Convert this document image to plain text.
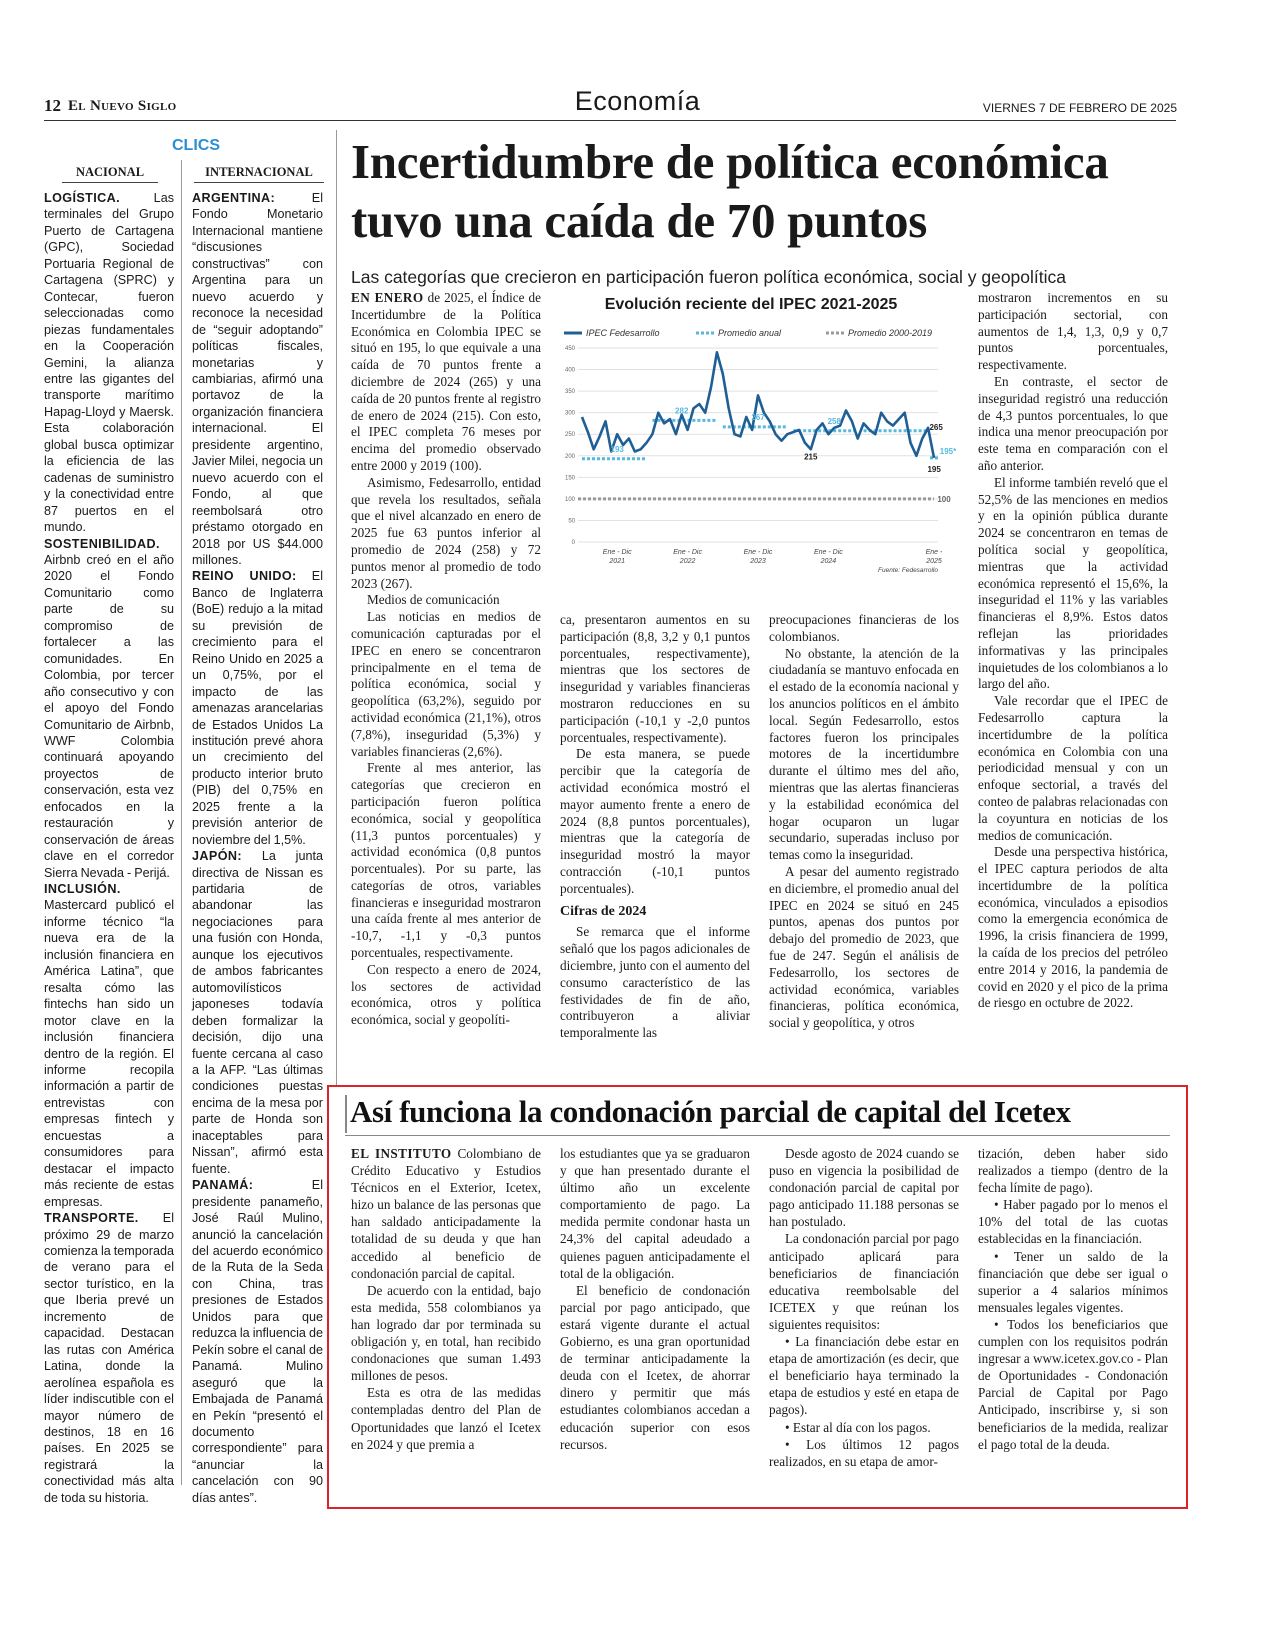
12 El Nuevo Siglo	Economía	VIERNES 7 DE FEBRERO DE 2025
CLICS
NACIONAL	INTERNACIONAL

LOGÍSTICA. Las terminales del Grupo Puerto de Cartagena (GPC), Sociedad Portuaria Regional de Cartagena (SPRC) y Contecar, fueron seleccionadas como piezas fundamentales en la Cooperación Gemini, la alianza entre las gigantes del transporte marítimo Hapag-Lloyd y Maersk. Esta colaboración global busca optimizar la eficiencia de las cadenas de suministro y la conectividad entre 87 puertos en el mundo.

SOSTENIBILIDAD. Airbnb creó en el año 2020 el Fondo Comunitario como parte de su compromiso de fortalecer a las comunidades. En Colombia, por tercer año consecutivo y con el apoyo del Fondo Comunitario de Airbnb, WWF Colombia continuará apoyando proyectos de conservación, esta vez enfocados en la restauración y conservación de áreas clave en el corredor Sierra Nevada - Perijá.

INCLUSIÓN. Mastercard publicó el informe técnico “la nueva era de la inclusión financiera en América Latina”, que resalta cómo las fintechs han sido un motor clave en la inclusión financiera dentro de la región. El informe recopila información a partir de entrevistas con empresas fintech y encuestas a consumidores para destacar el impacto más reciente de estas empresas.

TRANSPORTE. El próximo 29 de marzo comienza la temporada de verano para el sector turístico, en la que Iberia prevé un incremento de capacidad. Destacan las rutas con América Latina, donde la aerolínea española es líder indiscutible con el mayor número de destinos, 18 en 16 países. En 2025 se registrará la conectividad más alta de toda su historia.

ARGENTINA: El Fondo Monetario Internacional mantiene “discusiones constructivas” con Argentina para un nuevo acuerdo y reconoce la necesidad de “seguir adoptando” políticas fiscales, monetarias y cambiarias, afirmó una portavoz de la organización financiera internacional. El presidente argentino, Javier Milei, negocia un nuevo acuerdo con el Fondo, al que reembolsará otro préstamo otorgado en 2018 por US $44.000 millones.

REINO UNIDO: El Banco de Inglaterra (BoE) redujo a la mitad su previsión de crecimiento para el Reino Unido en 2025 a un 0,75%, por el impacto de las amenazas arancelarias de Estados Unidos La institución prevé ahora un crecimiento del producto interior bruto (PIB) del 0,75% en 2025 frente a la previsión anterior de noviembre del 1,5%.

JAPÓN: La junta directiva de Nissan es partidaria de abandonar las negociaciones para una fusión con Honda, aunque los ejecutivos de ambos fabricantes automovilísticos japoneses todavía deben formalizar la decisión, dijo una fuente cercana al caso a la AFP. “Las últimas condiciones puestas encima de la mesa por parte de Honda son inaceptables para Nissan”, afirmó esta fuente.

PANAMÁ: El presidente panameño, José Raúl Mulino, anunció la cancelación del acuerdo económico de la Ruta de la Seda con China, tras presiones de Estados Unidos para que reduzca la influencia de Pekín sobre el canal de Panamá. Mulino aseguró que la Embajada de Panamá en Pekín “presentó el documento correspondiente” para “anunciar la cancelación con 90 días antes”.

Incertidumbre de política económica
tuvo una caída de 70 puntos
Las categorías que crecieron en participación fueron política económica, social y geopolítica

EN ENERO de 2025, el Índice de Incertidumbre de la Política Económica en Colombia IPEC se situó en 195, lo que equivale a una caída de 70 puntos frente a diciembre de 2024 (265) y una caída de 20 puntos frente al registro de enero de 2024 (215). Con esto, el IPEC completa 76 meses por encima del promedio observado entre 2000 y 2019 (100).

Asimismo, Fedesarrollo, entidad que revela los resultados, señala que el nivel alcanzado en enero de 2025 fue 63 puntos inferior al promedio de 2024 (258) y 72 puntos menor al promedio de todo 2023 (267).

Medios de comunicación

Las noticias en medios de comunicación capturadas por el IPEC en enero se concentraron principalmente en el tema de política económica, social y geopolítica (63,2%), seguido por actividad económica (21,1%), otros (7,8%), inseguridad (5,3%) y variables financieras (2,6%).

Frente al mes anterior, las categorías que crecieron en participación fueron política económica, social y geopolítica (11,3 puntos porcentuales) y actividad económica (0,8 puntos porcentuales). Por su parte, las categorías de otros, variables financieras e inseguridad mostraron una caída frente al mes anterior de -10,7, -1,1 y -0,3 puntos porcentuales, respectivamente.

Con respecto a enero de 2024, los sectores de actividad económica, otros y política económica, social y geopolíti-

ca, presentaron aumentos en su participación (8,8, 3,2 y 0,1 puntos porcentuales, respectivamente), mientras que los sectores de inseguridad y variables financieras mostraron reducciones en su participación (-10,1 y -2,0 puntos porcentuales, respectivamente).

De esta manera, se puede percibir que la categoría de actividad económica mostró el mayor aumento frente a enero de 2024 (8,8 puntos porcentuales), mientras que la categoría de inseguridad mostró la mayor contracción (-10,1 puntos porcentuales).

Cifras de 2024

Se remarca que el informe señaló que los pagos adicionales de diciembre, junto con el aumento del consumo característico de las festividades de fin de año, contribuyeron a aliviar temporalmente las

preocupaciones financieras de los colombianos.

No obstante, la atención de la ciudadanía se mantuvo enfocada en el estado de la economía nacional y los anuncios políticos en el ámbito local. Según Fedesarrollo, estos factores fueron los principales motores de la incertidumbre durante el último mes del año, mientras que las alertas financieras y la estabilidad económica del hogar ocuparon un lugar secundario, superadas incluso por temas como la inseguridad.

A pesar del aumento registrado en diciembre, el promedio anual del IPEC en 2024 se situó en 245 puntos, apenas dos puntos por debajo del promedio de 2023, que fue de 247. Según el análisis de Fedesarrollo, los sectores de actividad económica, variables financieras, política económica, social y geopolítica, y otros

mostraron incrementos en su participación sectorial, con aumentos de 1,4, 1,3, 0,9 y 0,7 puntos porcentuales, respectivamente.

En contraste, el sector de inseguridad registró una reducción de 4,3 puntos porcentuales, lo que indica una menor preocupación por este tema en comparación con el año anterior.

El informe también reveló que el 52,5% de las menciones en medios y en la opinión pública durante 2024 se concentraron en temas de política social y geopolítica, mientras que la actividad económica representó el 15,6%, la inseguridad el 11% y las variables financieras el 8,9%. Estos datos reflejan las prioridades informativas y las principales inquietudes de los colombianos a lo largo del año.

Vale recordar que el IPEC de Fedesarrollo captura la incertidumbre de la política económica en Colombia con una periodicidad mensual y con un enfoque sectorial, a través del conteo de palabras relacionadas con la coyuntura en noticias de los medios de comunicación.

Desde una perspectiva histórica, el IPEC captura periodos de alta incertidumbre de la política económica, vinculados a episodios como la emergencia económica de 1996, la crisis financiera de 1999, la caída de los precios del petróleo entre 2014 y 2016, la pandemia de covid en 2020 y el pico de la prima de riesgo en octubre de 2022.

Evolución reciente del IPEC 2021-2025
IPEC Fedesarrollo	Promedio anual	Promedio 2000-2019
0
50
100
150
200
250
300
350
400
450
Ene - Dic 2021
Ene - Dic 2022
Ene - Dic 2023
Ene - Dic 2024
Ene -2025
193
282
267
215
258
265
195
195*
100
Fuente: Fedesarrollo
Así funciona la condonación parcial de capital del Icetex

EL INSTITUTO Colombiano de Crédito Educativo y Estudios Técnicos en el Exterior, Icetex, hizo un balance de las personas que han saldado anticipadamente la totalidad de su deuda y que han accedido al beneficio de condonación parcial de capital.

De acuerdo con la entidad, bajo esta medida, 558 colombianos ya han logrado dar por terminada su obligación y, en total, han recibido condonaciones que suman 1.493 millones de pesos.

Esta es otra de las medidas contempladas dentro del Plan de Oportunidades que lanzó el Icetex en 2024 y que premia a

los estudiantes que ya se graduaron y que han presentado durante el último año un excelente comportamiento de pago. La medida permite condonar hasta un 24,3% del capital adeudado a quienes paguen anticipadamente el total de la obligación.

El beneficio de condonación parcial por pago anticipado, que estará vigente durante el actual Gobierno, es una gran oportunidad de terminar anticipadamente la deuda con el Icetex, de ahorrar dinero y permitir que más estudiantes colombianos accedan a educación superior con esos recursos.

Desde agosto de 2024 cuando se puso en vigencia la posibilidad de condonación parcial de capital por pago anticipado 11.188 personas se han postulado.

La condonación parcial por pago anticipado aplicará para beneficiarios de financiación educativa reembolsable del ICETEX y que reúnan los siguientes requisitos:

• La financiación debe estar en etapa de amortización (es decir, que el beneficiario haya terminado la etapa de estudios y esté en etapa de pagos).

• Estar al día con los pagos.

• Los últimos 12 pagos realizados, en su etapa de amor-

tización, deben haber sido realizados a tiempo (dentro de la fecha límite de pago).

• Haber pagado por lo menos el 10% del total de las cuotas establecidas en la financiación.

• Tener un saldo de la financiación que debe ser igual o superior a 4 salarios mínimos mensuales legales vigentes.

• Todos los beneficiarios que cumplen con los requisitos podrán ingresar a www.icetex.gov.co - Plan de Oportunidades - Condonación Parcial de Capital por Pago Anticipado, inscribirse y, si son beneficiarios de la medida, realizar el pago total de la deuda.
